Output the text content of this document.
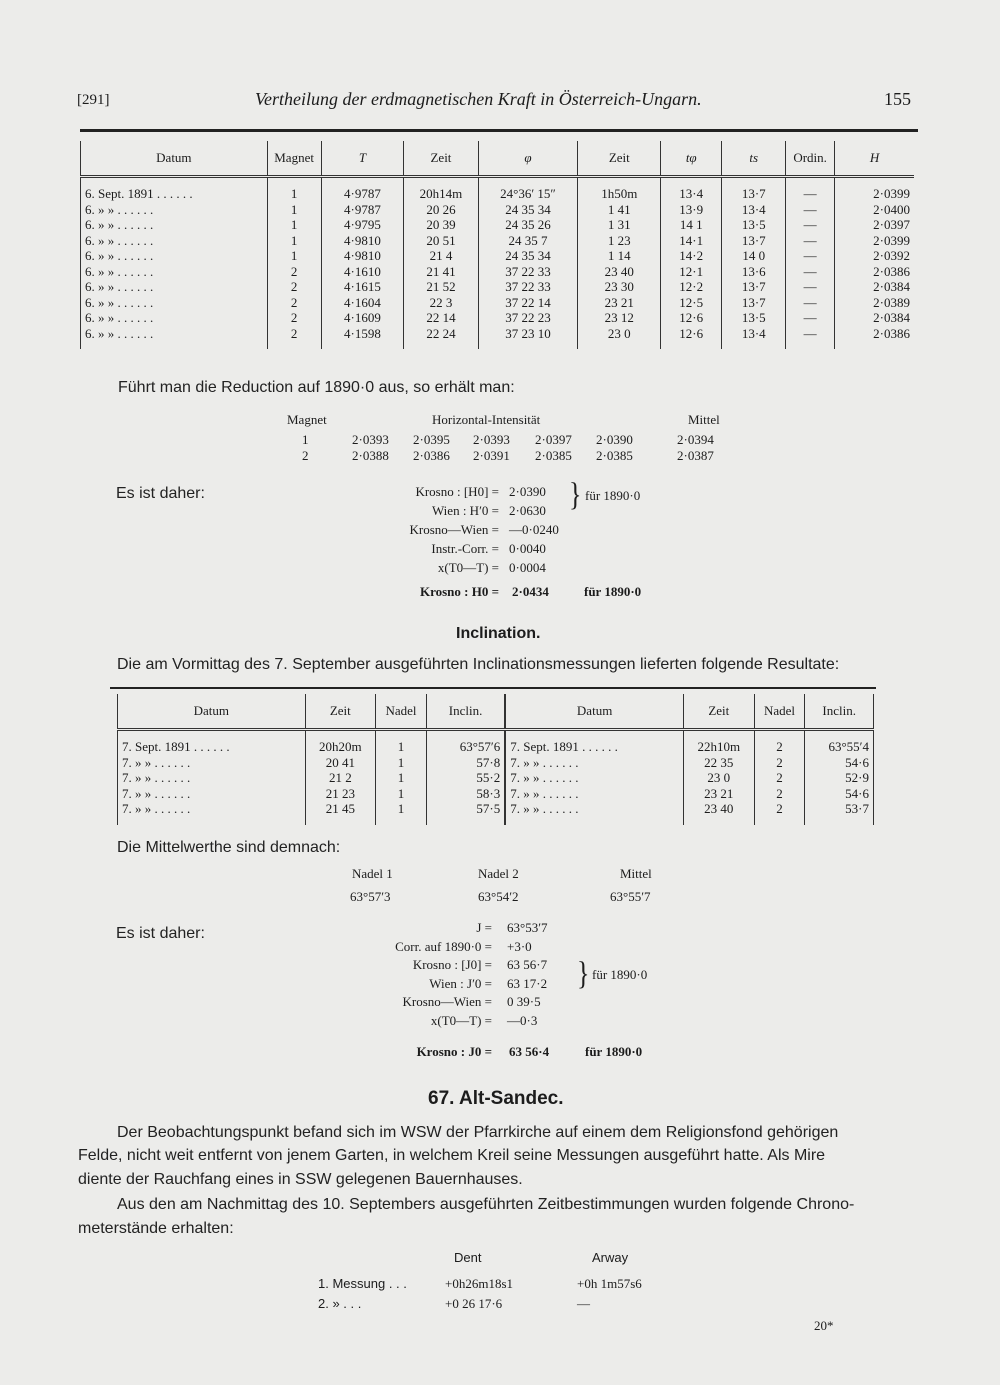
[291]	Vertheilung der erdmagnetischen Kraft in Österreich-Ungarn.	155
Datum	Magnet	T	Zeit	φ	Zeit	tφ	ts	Ordin.	H
6. Sept. 1891 . . . . . .	1	4·9787	20h14m	24°36′ 15″	1h50m	13·4	13·7	—	2·0399
6. » » . . . . . .	1	4·9787	20 26	24 35 34	1 41	13·9	13·4	—	2·0400
6. » » . . . . . .	1	4·9795	20 39	24 35 26	1 31	14 1	13·5	—	2·0397
6. » » . . . . . .	1	4·9810	20 51	24 35 7	1 23	14·1	13·7	—	2·0399
6. » » . . . . . .	1	4·9810	21 4	24 35 34	1 14	14·2	14 0	—	2·0392
6. » » . . . . . .	2	4·1610	21 41	37 22 33	23 40	12·1	13·6	—	2·0386
6. » » . . . . . .	2	4·1615	21 52	37 22 33	23 30	12·2	13·7	—	2·0384
6. » » . . . . . .	2	4·1604	22 3	37 22 14	23 21	12·5	13·7	—	2·0389
6. » » . . . . . .	2	4·1609	22 14	37 22 23	23 12	12·6	13·5	—	2·0384
6. » » . . . . . .	2	4·1598	22 24	37 23 10	23 0	12·6	13·4	—	2·0386
Führt man die Reduction auf 1890·0 aus, so erhält man:
Magnet	Horizontal-Intensität	Mittel
1	2·0393 2·0395 2·0393 2·0397 2·0390	2·0394
2	2·0388 2·0386 2·0391 2·0385 2·0385	2·0387
Es ist daher:	Krosno : [H0] = 2·0390
Wien : H′0 = 2·0630
Krosno—Wien = —0·0240
Instr.-Corr. = 0·0040
x(T0—T) = 0·0004
} für 1890·0
Krosno : H0 = 2·0434	für 1890·0
Inclination.
Die am Vormittag des 7. September ausgeführten Inclinationsmessungen lieferten folgende Resultate:
Datum	Zeit	Nadel	Inclin.	Datum	Zeit	Nadel	Inclin.
7. Sept. 1891 . . . . . .	20h20m	1	63°57′6	7. Sept. 1891 . . . . . .	22h10m	2	63°55′4
7. » » . . . . . .	20 41	1	57·8	7. » » . . . . . .	22 35	2	54·6
7. » » . . . . . .	21 2	1	55·2	7. » » . . . . . .	23 0	2	52·9
7. » » . . . . . .	21 23	1	58·3	7. » » . . . . . .	23 21	2	54·6
7. » » . . . . . .	21 45	1	57·5	7. » » . . . . . .	23 40	2	53·7
Die Mittelwerthe sind demnach:
Nadel 1	Nadel 2	Mittel
63°57′3	63°54′2	63°55′7
Es ist daher:	J = 63°53′7
Corr. auf 1890·0 = +3·0
Krosno : [J0] = 63 56·7
Wien : J′0 = 63 17·2
Krosno—Wien = 0 39·5
x(T0—T) = —0·3
} für 1890·0
Krosno : J0 = 63 56·4	für 1890·0
67. Alt-Sandec.
Der Beobachtungspunkt befand sich im WSW der Pfarrkirche auf einem dem Religionsfond gehörigen
Felde, nicht weit entfernt von jenem Garten, in welchem Kreil seine Messungen ausgeführt hatte. Als Mire
diente der Rauchfang eines in SSW gelegenen Bauernhauses.
Aus den am Nachmittag des 10. Septembers ausgeführten Zeitbestimmungen wurden folgende Chrono-
meterstände erhalten:
Dent	Arway
1. Messung . . .	+0h26m18s1	+0h 1m57s6
2. » . . .	+0 26 17·6	—
20*
